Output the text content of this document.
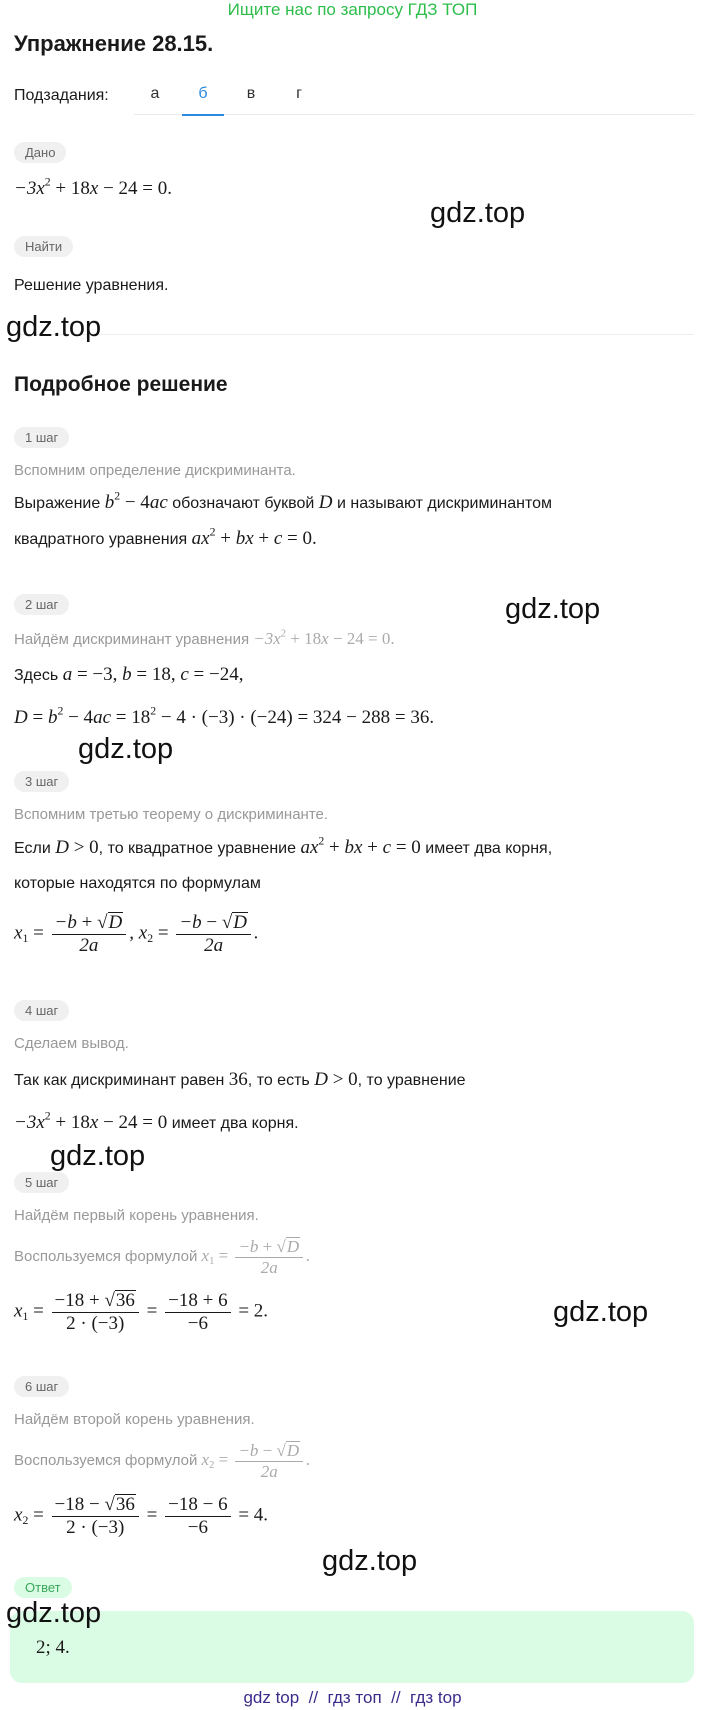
Ищите нас по запросу ГДЗ ТОП
Упражнение 28.15.
Подзадания:	а	б	в	г
Дано
$-3x^2 + 18x - 24 = 0$.
Найти
Решение уравнения.
Подробное решение
1 шаг
Вспомним определение дискриминанта.
Выражение $b^2 - 4ac$ обозначают буквой D и называют дискриминантом
квадратного уравнения $ax^2$ + bx + c = 0.
2 шаг
Найдём дискриминант уравнения $-3x^2 + 18x - 24 = 0$.
Здесь a = −3, b = 18, c = −24,
$D = b^2 - 4ac = 18^2 - 4 \cdot (-3) \cdot (-24) = 324 - 288 = 36$.
3 шаг
Вспомним третью теорему о дискриминанте.
Если D > 0, то квадратное уравнение $ax^2$ + bx + c = 0 имеет два корня,
которые находятся по формулам
$x_1 = \frac{-b + √D}{2a}$ , $x_2 = \frac{-b - √D}{2a}$ .
4 шаг
Сделаем вывод.
Так как дискриминант равен 36, то есть D > 0, то уравнение
$-3x^2 + 18x - 24 = 0$ имеет два корня.
5 шаг
Найдём первый корень уравнения.
Воспользуемся формулой $x_1 = \frac{-b + √D}{2a}$ .
$x_1 = \frac{-18 + √36}{2 \cdot (-3)} = \frac{-18 + 6}{-6} = 2$.
6 шаг
Найдём второй корень уравнения.
Воспользуемся формулой $x_2 = \frac{-b - √D}{2a}$ .
$x_2 = \frac{-18 - √36}{2 \cdot (-3)} = \frac{-18 - 6}{-6} = 4$.
Ответ
2; 4.
gdz.top
gdz.top
gdz.top
gdz.top
gdz.top
gdz.top
gdz.top
gdz.top
gdz top  //  гдз топ  //  гдз top
